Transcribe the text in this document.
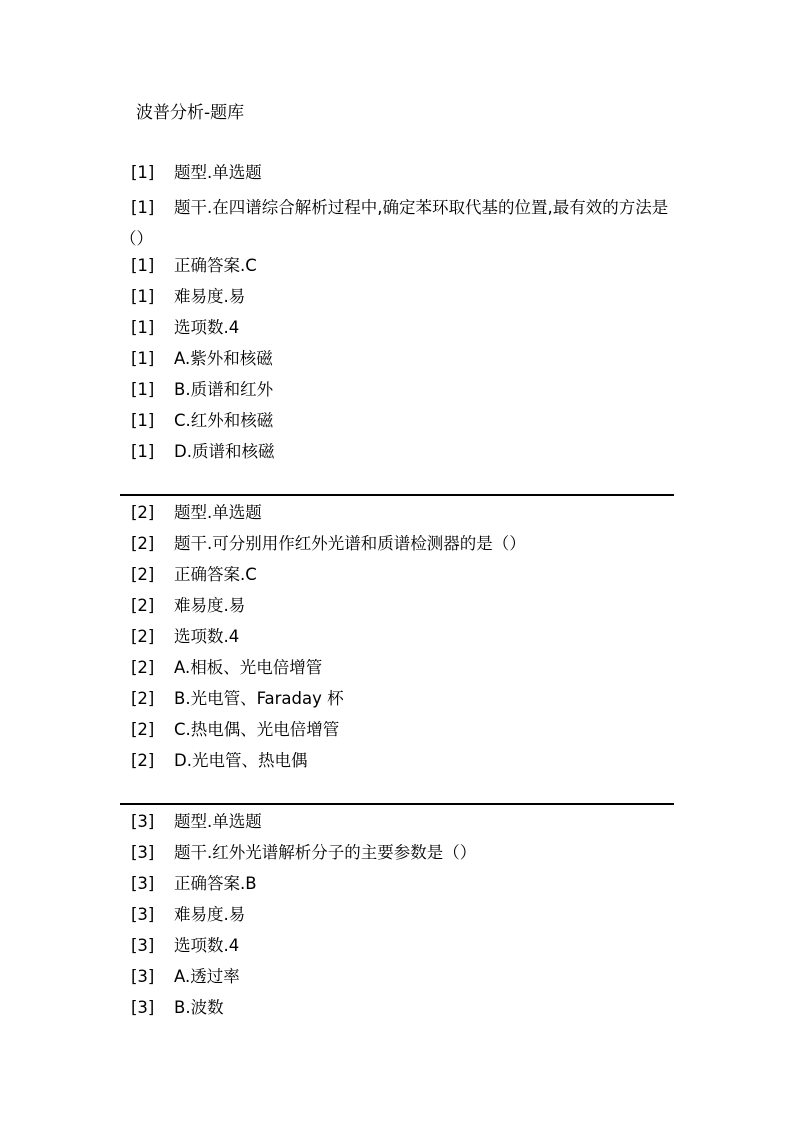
波普分析-题库
[1]	题型.单选题
[1] 题干.在四谱综合解析过程中,确定苯环取代基的位置,最有效的方法是（）
[1]	正确答案.C
[1]	难易度.易
[1]	选项数.4
[1]	A.紫外和核磁
[1]	B.质谱和红外
[1]	C.红外和核磁
[1]	D.质谱和核磁
[2]	题型.单选题
[2]	题干.可分别用作红外光谱和质谱检测器的是（）
[2]	正确答案.C
[2]	难易度.易
[2]	选项数.4
[2]	A.相板、光电倍增管
[2]	B.光电管、Faraday 杯
[2]	C.热电偶、光电倍增管
[2]	D.光电管、热电偶
[3]	题型.单选题
[3]	题干.红外光谱解析分子的主要参数是（）
[3]	正确答案.B
[3]	难易度.易
[3]	选项数.4
[3]	A.透过率
[3]	B.波数
